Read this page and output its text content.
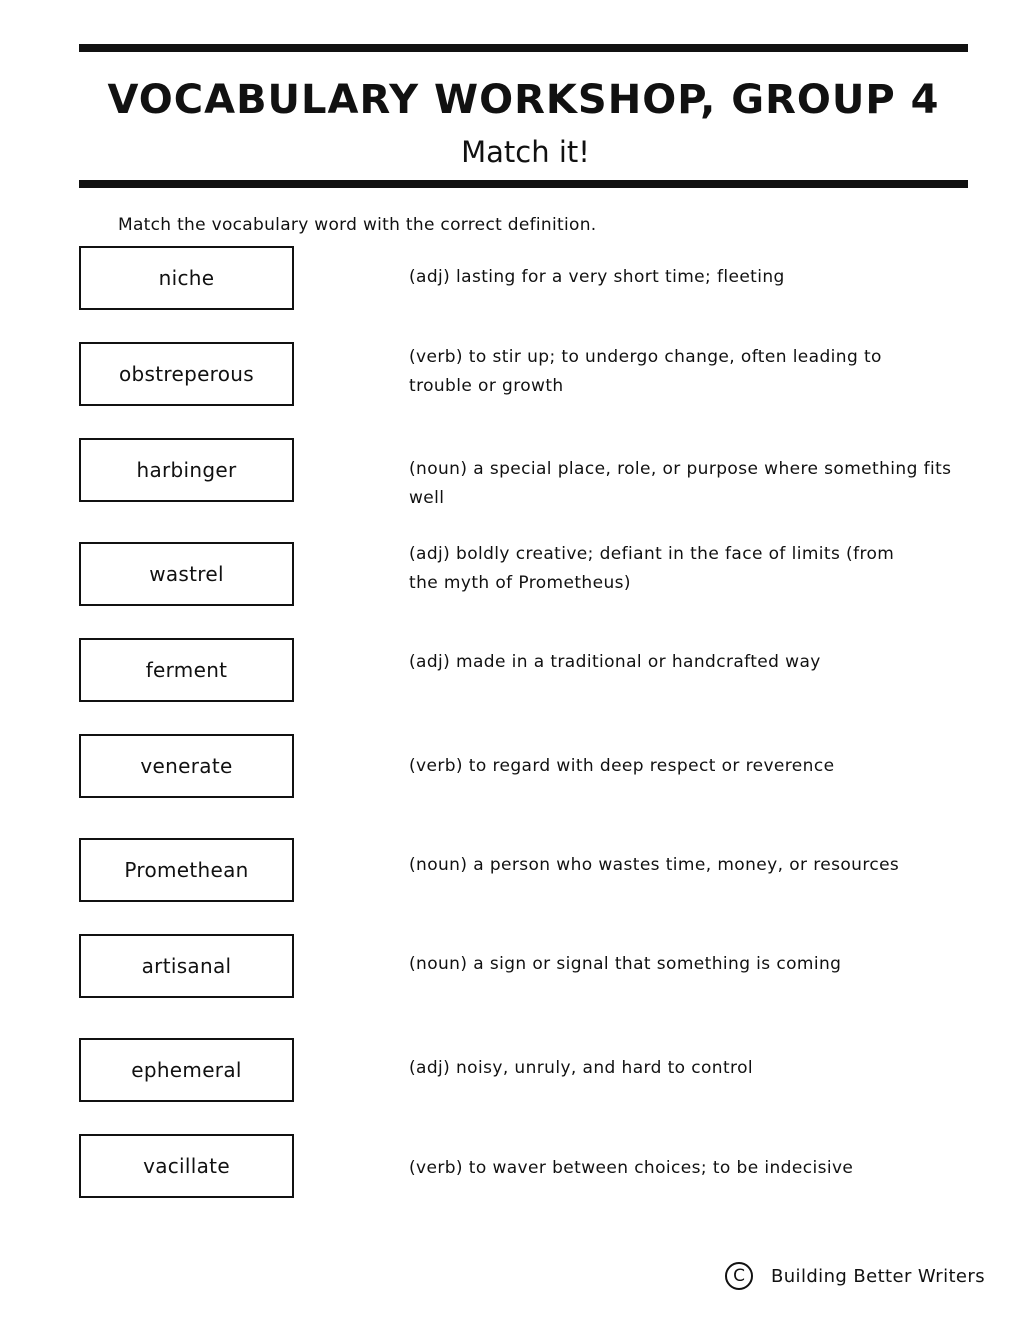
VOCABULARY WORKSHOP, GROUP 4
Match it!
Match the vocabulary word with the correct definition.
niche
obstreperous
harbinger
wastrel
ferment
venerate
Promethean
artisanal
ephemeral
vacillate
(adj) lasting for a very short time; fleeting
(verb) to stir up; to undergo change, often leading to trouble or growth
(noun) a special place, role, or purpose where something fits well
(adj) boldly creative; defiant in the face of limits (from the myth of Prometheus)
(adj) made in a traditional or handcrafted way
(verb) to regard with deep respect or reverence
(noun) a person who wastes time, money, or resources
(noun) a sign or signal that something is coming
(adj) noisy, unruly, and hard to control
(verb) to waver between choices; to be indecisive
C	Building Better Writers
